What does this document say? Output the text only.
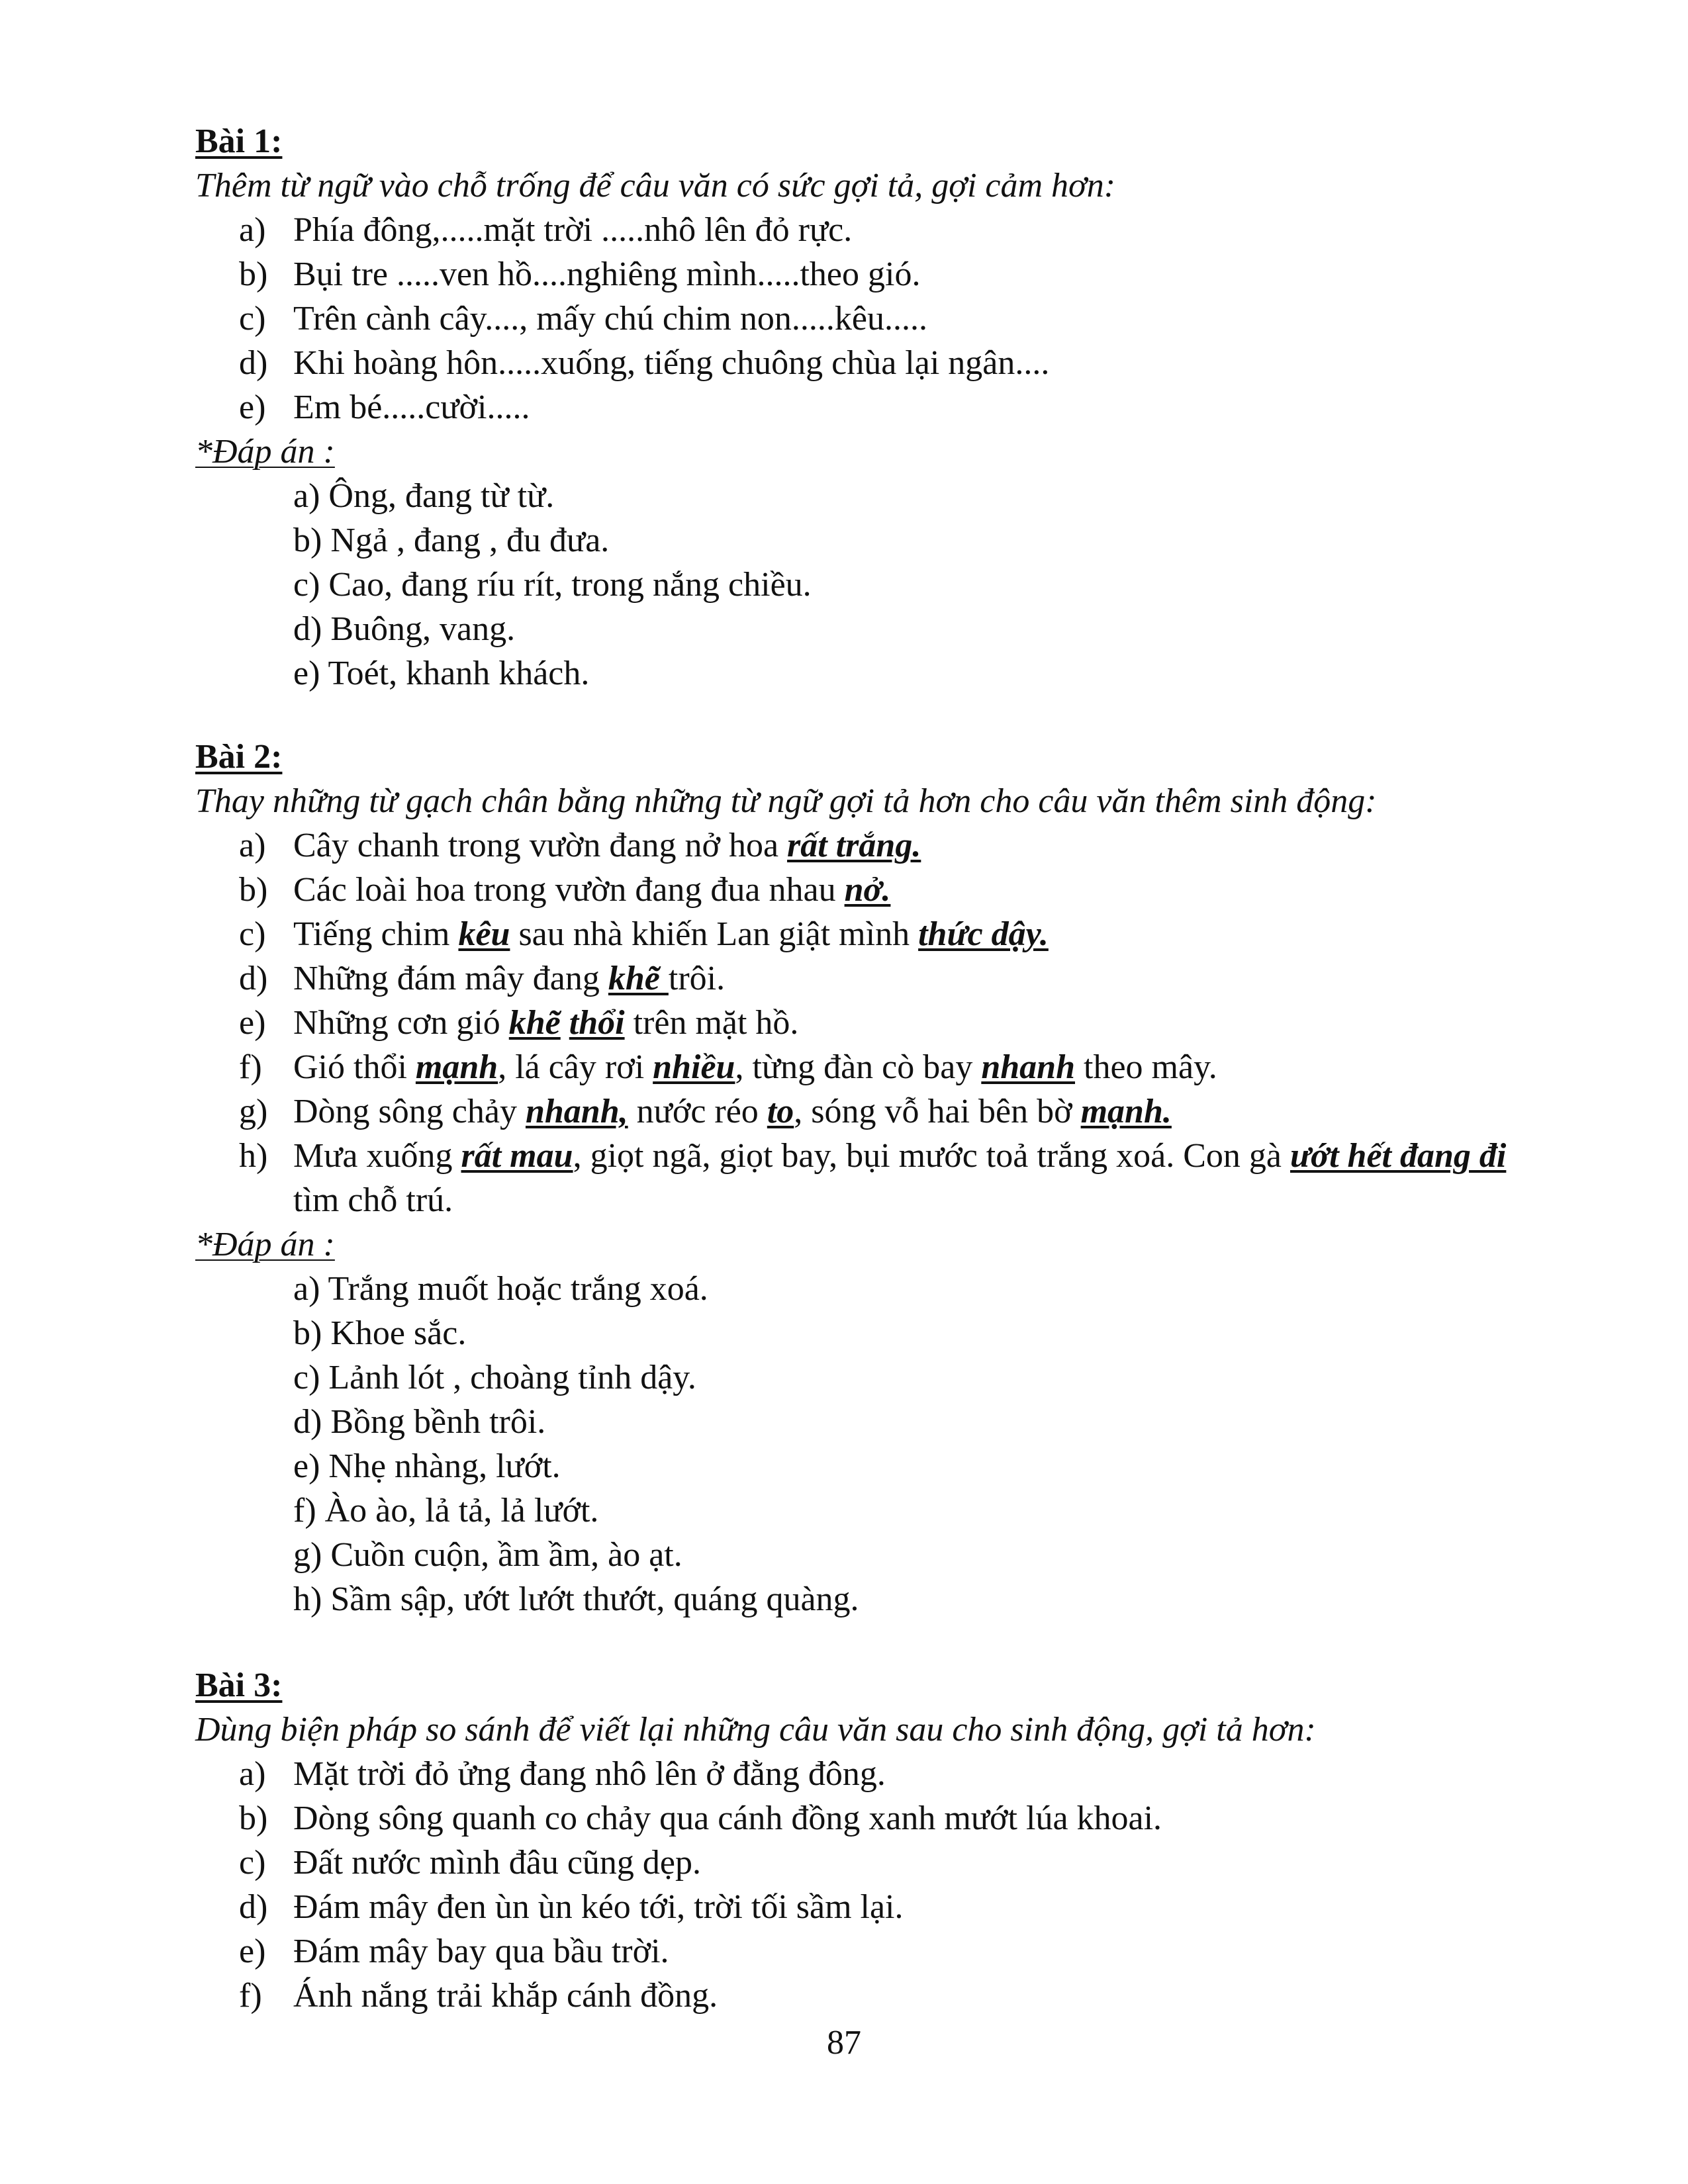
Bài 1:
Thêm từ ngữ vào chỗ trống để câu văn có sức gợi tả, gợi cảm hơn:
a) Phía đông,.....mặt trời .....nhô lên đỏ rực.
b) Bụi tre .....ven hồ....nghiêng mình.....theo gió.
c) Trên cành cây...., mấy chú chim non.....kêu.....
d) Khi hoàng hôn.....xuống, tiếng chuông chùa lại ngân....
e) Em bé.....cười.....
*Đáp án :
a) Ông, đang từ từ.
b) Ngả , đang , đu đưa.
c) Cao, đang ríu rít, trong nắng chiều.
d) Buông, vang.
e) Toét, khanh khách.
Bài 2:
Thay những từ gạch chân bằng những từ ngữ gợi tả hơn cho câu văn thêm sinh động:
a) Cây chanh trong vườn đang nở hoa rất trắng.
b) Các loài hoa trong vườn đang đua nhau nở.
c) Tiếng chim kêu sau nhà khiến Lan giật mình thức dậy.
d) Những đám mây đang khẽ trôi.
e) Những cơn gió khẽ thổi trên mặt hồ.
f) Gió thổi mạnh, lá cây rơi nhiều, từng đàn cò bay nhanh theo mây.
g) Dòng sông chảy nhanh, nước réo to, sóng vỗ hai bên bờ mạnh.
h) Mưa xuống rất mau, giọt ngã, giọt bay, bụi mước toả trắng xoá. Con gà ướt hết đang đi tìm chỗ trú.
*Đáp án :
a) Trắng muốt hoặc trắng xoá.
b) Khoe sắc.
c) Lảnh lót , choàng tỉnh dậy.
d) Bồng bềnh trôi.
e) Nhẹ nhàng, lướt.
f) Ào ào, lả tả, lả lướt.
g) Cuồn cuộn, ầm ầm, ào ạt.
h) Sầm sập, ướt lướt thướt, quáng quàng.
Bài 3:
Dùng biện pháp so sánh để viết lại những câu văn sau cho sinh động, gợi tả hơn:
a) Mặt trời đỏ ửng đang nhô lên ở đằng đông.
b) Dòng sông quanh co chảy qua cánh đồng xanh mướt lúa khoai.
c) Đất nước mình đâu cũng dẹp.
d) Đám mây đen ùn ùn kéo tới, trời tối sầm lại.
e) Đám mây bay qua bầu trời.
f) Ánh nắng trải khắp cánh đồng.
87
